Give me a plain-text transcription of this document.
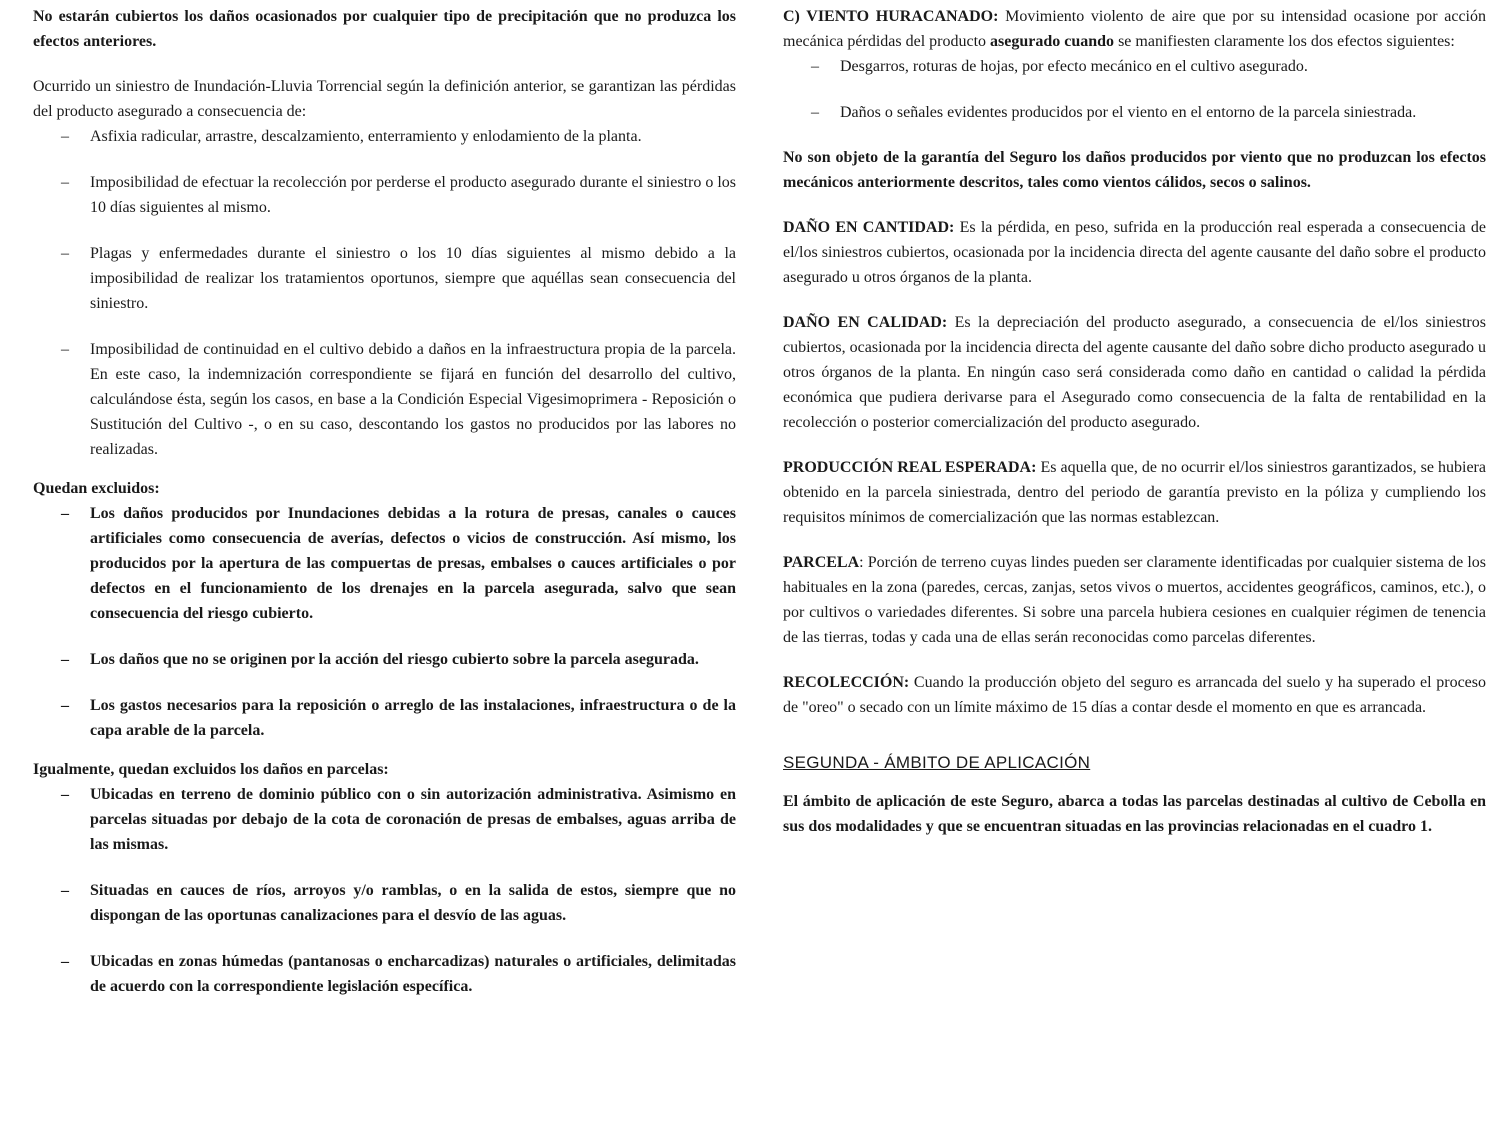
No estarán cubiertos los daños ocasionados por cualquier tipo de precipitación que no produzca los efectos anteriores.

Ocurrido un siniestro de Inundación-Lluvia Torrencial según la definición anterior, se garantizan las pérdidas del producto asegurado a consecuencia de:

– Asfixia radicular, arrastre, descalzamiento, enterramiento y enlodamiento de la planta.
– Imposibilidad de efectuar la recolección por perderse el producto asegurado durante el siniestro o los 10 días siguientes al mismo.
– Plagas y enfermedades durante el siniestro o los 10 días siguientes al mismo debido a la imposibilidad de realizar los tratamientos oportunos, siempre que aquéllas sean consecuencia del siniestro.
– Imposibilidad de continuidad en el cultivo debido a daños en la infraestructura propia de la parcela. En este caso, la indemnización correspondiente se fijará en función del desarrollo del cultivo, calculándose ésta, según los casos, en base a la Condición Especial Vigesimoprimera - Reposición o Sustitución del Cultivo -, o en su caso, descontando los gastos no producidos por las labores no realizadas.

Quedan excluidos:

– Los daños producidos por Inundaciones debidas a la rotura de presas, canales o cauces artificiales como consecuencia de averías, defectos o vicios de construcción. Así mismo, los producidos por la apertura de las compuertas de presas, embalses o cauces artificiales o por defectos en el funcionamiento de los drenajes en la parcela asegurada, salvo que sean consecuencia del riesgo cubierto.
– Los daños que no se originen por la acción del riesgo cubierto sobre la parcela asegurada.
– Los gastos necesarios para la reposición o arreglo de las instalaciones, infraestructura o de la capa arable de la parcela.

Igualmente, quedan excluidos los daños en parcelas:

– Ubicadas en terreno de dominio público con o sin autorización administrativa. Asimismo en parcelas situadas por debajo de la cota de coronación de presas de embalses, aguas arriba de las mismas.
– Situadas en cauces de ríos, arroyos y/o ramblas, o en la salida de estos, siempre que no dispongan de las oportunas canalizaciones para el desvío de las aguas.
– Ubicadas en zonas húmedas (pantanosas o encharcadizas) naturales o artificiales, delimitadas de acuerdo con la correspondiente legislación específica.

C) VIENTO HURACANADO: Movimiento violento de aire que por su intensidad ocasione por acción mecánica pérdidas del producto asegurado cuando se manifiesten claramente los dos efectos siguientes:

– Desgarros, roturas de hojas, por efecto mecánico en el cultivo asegurado.
– Daños o señales evidentes producidos por el viento en el entorno de la parcela siniestrada.

No son objeto de la garantía del Seguro los daños producidos por viento que no produzcan los efectos mecánicos anteriormente descritos, tales como vientos cálidos, secos o salinos.

DAÑO EN CANTIDAD: Es la pérdida, en peso, sufrida en la producción real esperada a consecuencia de el/los siniestros cubiertos, ocasionada por la incidencia directa del agente causante del daño sobre el producto asegurado u otros órganos de la planta.

DAÑO EN CALIDAD: Es la depreciación del producto asegurado, a consecuencia de el/los siniestros cubiertos, ocasionada por la incidencia directa del agente causante del daño sobre dicho producto asegurado u otros órganos de la planta. En ningún caso será considerada como daño en cantidad o calidad la pérdida económica que pudiera derivarse para el Asegurado como consecuencia de la falta de rentabilidad en la recolección o posterior comercialización del producto asegurado.

PRODUCCIÓN REAL ESPERADA: Es aquella que, de no ocurrir el/los siniestros garantizados, se hubiera obtenido en la parcela siniestrada, dentro del periodo de garantía previsto en la póliza y cumpliendo los requisitos mínimos de comercialización que las normas establezcan.

PARCELA: Porción de terreno cuyas lindes pueden ser claramente identificadas por cualquier sistema de los habituales en la zona (paredes, cercas, zanjas, setos vivos o muertos, accidentes geográficos, caminos, etc.), o por cultivos o variedades diferentes. Si sobre una parcela hubiera cesiones en cualquier régimen de tenencia de las tierras, todas y cada una de ellas serán reconocidas como parcelas diferentes.

RECOLECCIÓN: Cuando la producción objeto del seguro es arrancada del suelo y ha superado el proceso de "oreo" o secado con un límite máximo de 15 días a contar desde el momento en que es arrancada.

SEGUNDA - ÁMBITO DE APLICACIÓN

El ámbito de aplicación de este Seguro, abarca a todas las parcelas destinadas al cultivo de Cebolla en sus dos modalidades y que se encuentran situadas en las provincias relacionadas en el cuadro 1.
